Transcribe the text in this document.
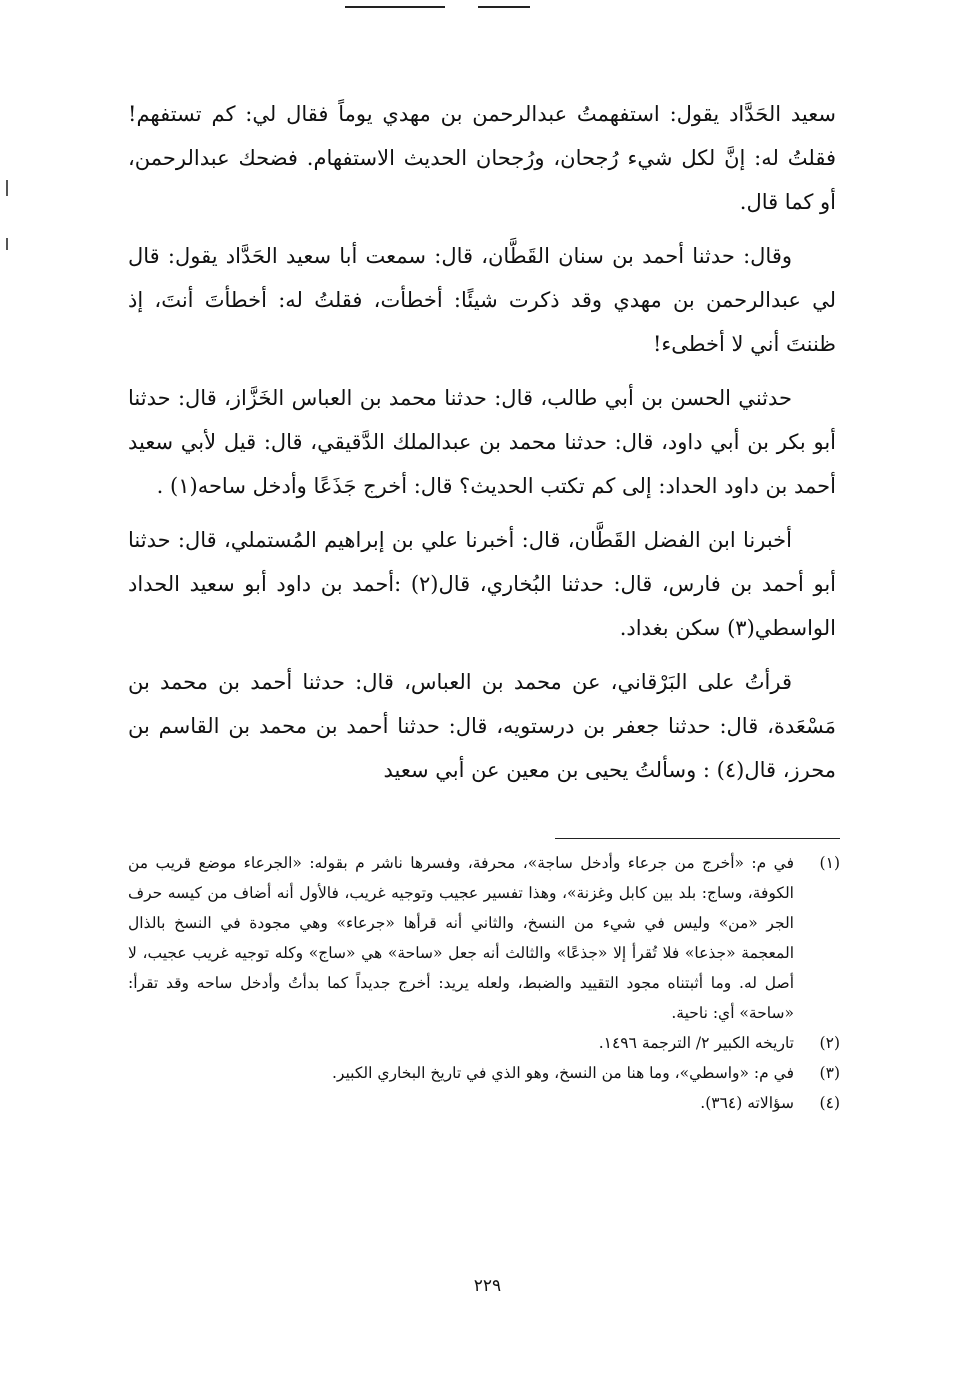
سعيد الحَدَّاد يقول: استفهمتُ عبدالرحمن بن مهدي يوماً فقال لي: كم تستفهم! فقلتُ له: إنَّ لكل شيء رُجحان، ورُجحان الحديث الاستفهام. فضحك عبدالرحمن، أو كما قال.

وقال: حدثنا أحمد بن سنان القَطَّان، قال: سمعت أبا سعيد الحَدَّاد يقول: قال لي عبدالرحمن بن مهدي وقد ذكرت شيئًا: أخطأت، فقلتُ له: أخطأتَ أنتَ، إذ ظننتَ أني لا أخطىء!

حدثني الحسن بن أبي طالب، قال: حدثنا محمد بن العباس الخَزَّاز، قال: حدثنا أبو بكر بن أبي داود، قال: حدثنا محمد بن عبدالملك الدَّقيقي، قال: قيل لأبي سعيد أحمد بن داود الحداد: إلى كم تكتب الحديث؟ قال: أخرج جَذَعًا وأدخل ساحه(١) .

أخبرنا ابن الفضل القَطَّان، قال: أخبرنا علي بن إبراهيم المُستملي، قال: حدثنا أبو أحمد بن فارس، قال: حدثنا البُخاري، قال(٢) :أحمد بن داود أبو سعيد الحداد الواسطي(٣) سكن بغداد.

قرأتُ على البَرْقاني، عن محمد بن العباس، قال: حدثنا أحمد بن محمد بن مَسْعَدة، قال: حدثنا جعفر بن درستويه، قال: حدثنا أحمد بن محمد بن القاسم بن محرز، قال(٤) : وسألتُ يحيى بن معين عن أبي سعيد

(١)
في م: «أخرج من جرعاء وأدخل ساجة»، محرفة، وفسرها ناشر م بقوله: «الجرعاء موضع قريب من الكوفة، وساج: بلد بين كابل وغزنة»، وهذا تفسير عجيب وتوجيه غريب، فالأول أنه أضاف من كيسه حرف الجر «من» وليس في شيء من النسخ، والثاني أنه قرأها «جرعاء» وهي مجودة في النسخ بالذال المعجمة «جذعا» فلا تُقرأ إلا «جذعًا» والثالث أنه جعل «ساحة» هي «ساج» وكله توجيه غريب عجيب، لا أصل له. وما أثبتناه مجود التقييد والضبط، ولعله يريد: أخرج جديداً كما بدأتُ وأدخل ساحه وقد تقرأ: «ساحة» أي: ناحية.
(٢)
تاريخه الكبير ٢/ الترجمة ١٤٩٦.
(٣)
في م: «واسطي»، وما هنا من النسخ، وهو الذي في تاريخ البخاري الكبير.
(٤)
سؤالاته (٣٦٤).
٢٢٩
